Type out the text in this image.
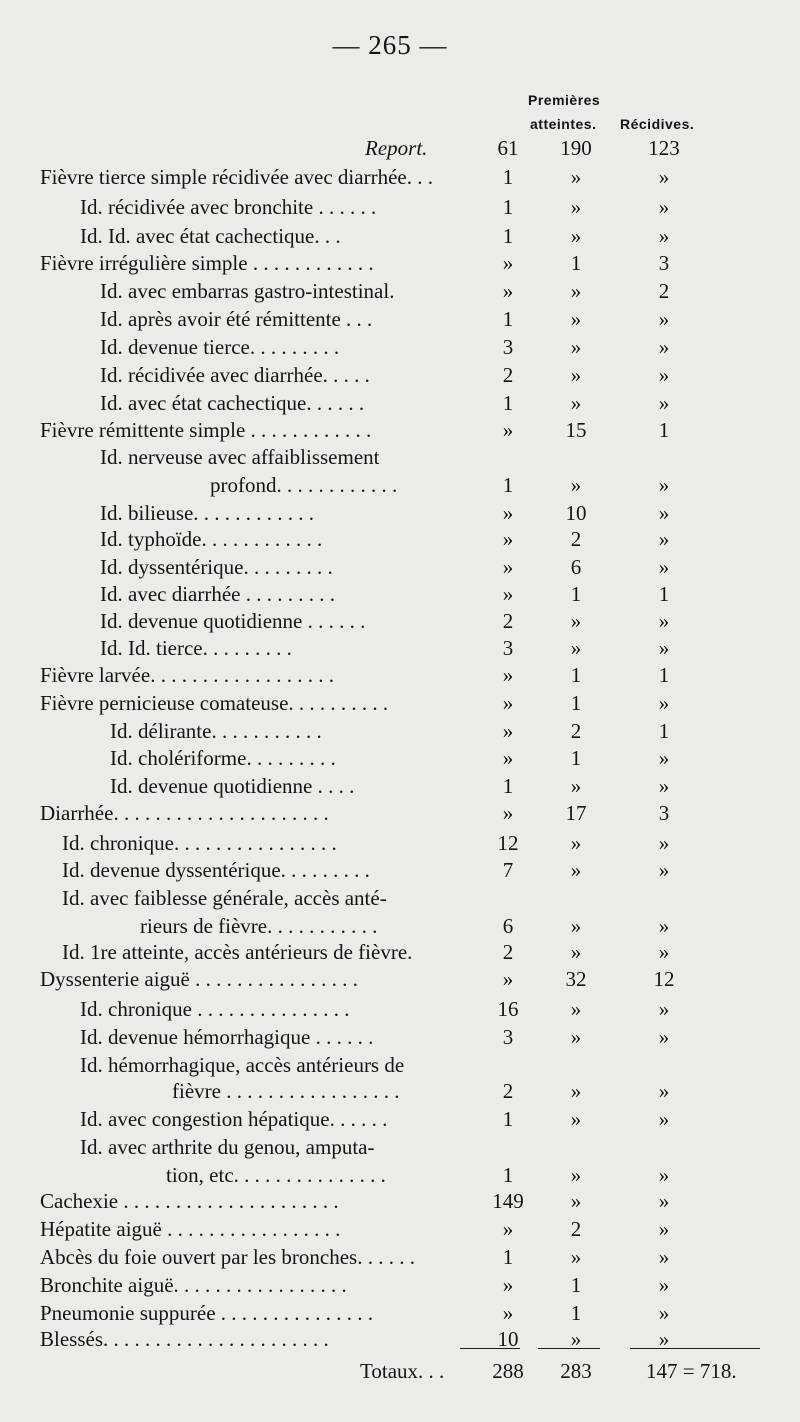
— 265 —
Premières
atteintes. Récidives.
Report.	61	190	123
Fièvre tierce simple récidivée avec diarrhée. . .	1	»	»
Id. récidivée avec bronchite . . . . . .	1	»	»
Id. Id. avec état cachectique. . .	1	»	»
Fièvre irrégulière simple . . . . . . . . . . . .	»	1	3
Id. avec embarras gastro-intestinal.	»	»	2
Id. après avoir été rémittente . . .	1	»	»
Id. devenue tierce. . . . . . . . .	3	»	»
Id. récidivée avec diarrhée. . . . .	2	»	»
Id. avec état cachectique. . . . . .	1	»	»
Fièvre rémittente simple . . . . . . . . . . . .	»	15	1
Id. nerveuse avec affaiblissement
profond. . . . . . . . . . . .	1	»	»
Id. bilieuse. . . . . . . . . . . .	»	10	»
Id. typhoïde. . . . . . . . . . . .	»	2	»
Id. dyssentérique. . . . . . . . .	»	6	»
Id. avec diarrhée . . . . . . . . .	»	1	1
Id. devenue quotidienne . . . . . .	2	»	»
Id. Id. tierce. . . . . . . . .	3	»	»
Fièvre larvée. . . . . . . . . . . . . . . . . .	»	1	1
Fièvre pernicieuse comateuse. . . . . . . . . .	»	1	»
Id. délirante. . . . . . . . . . .	»	2	1
Id. cholériforme. . . . . . . . .	»	1	»
Id. devenue quotidienne . . . .	1	»	»
Diarrhée. . . . . . . . . . . . . . . . . . . . .	»	17	3
Id. chronique. . . . . . . . . . . . . . . .	12	»	»
Id. devenue dyssentérique. . . . . . . . .	7	»	»
Id. avec faiblesse générale, accès anté-
rieurs de fièvre. . . . . . . . . . .	6	»	»
Id. 1re atteinte, accès antérieurs de fièvre.	2	»	»
Dyssenterie aiguë . . . . . . . . . . . . . . . .	»	32	12
Id. chronique . . . . . . . . . . . . . . .	16	»	»
Id. devenue hémorrhagique . . . . . .	3	»	»
Id. hémorrhagique, accès antérieurs de
fièvre . . . . . . . . . . . . . . . . .	2	»	»
Id. avec congestion hépatique. . . . . .	1	»	»
Id. avec arthrite du genou, amputa-
tion, etc. . . . . . . . . . . . . . .	1	»	»
Cachexie . . . . . . . . . . . . . . . . . . . . .	149	»	»
Hépatite aiguë . . . . . . . . . . . . . . . . .	»	2	»
Abcès du foie ouvert par les bronches. . . . . .	1	»	»
Bronchite aiguë. . . . . . . . . . . . . . . . .	»	1	»
Pneumonie suppurée . . . . . . . . . . . . . . .	»	1	»
Blessés. . . . . . . . . . . . . . . . . . . . . .	10	»	»
Totaux. . .	288	283	147 = 718.
